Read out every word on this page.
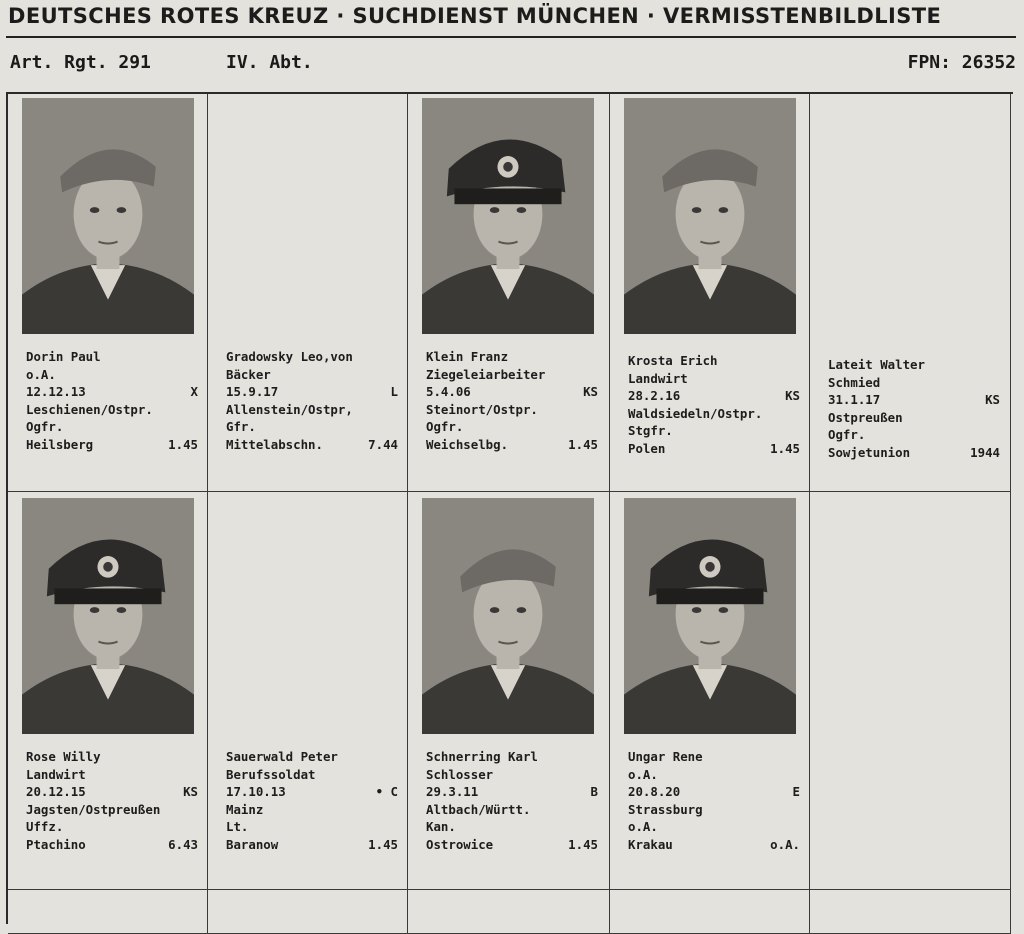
DEUTSCHES ROTES KREUZ · SUCHDIENST MÜNCHEN · VERMISSTENBILDLISTE
Art. Rgt. 291	IV. Abt.	FPN: 26352
Dorin Paul
o.A.
12.12.13	X
Leschienen/Ostpr.
Ogfr.
Heilsberg	1.45
Gradowsky Leo,von
Bäcker
15.9.17	L
Allenstein/Ostpr,
Gfr.
Mittelabschn.	7.44
Klein Franz
Ziegeleiarbeiter
5.4.06	KS
Steinort/Ostpr.
Ogfr.
Weichselbg.	1.45
Krosta Erich
Landwirt
28.2.16	KS
Waldsiedeln/Ostpr.
Stgfr.
Polen	1.45
Lateit Walter
Schmied
31.1.17	KS
Ostpreußen
Ogfr.
Sowjetunion	1944
Rose Willy
Landwirt
20.12.15	KS
Jagsten/Ostpreußen
Uffz.
Ptachino	6.43
Sauerwald Peter
Berufssoldat
17.10.13	• C
Mainz
Lt.
Baranow	1.45
Schnerring Karl
Schlosser
29.3.11	B
Altbach/Württ.
Kan.
Ostrowice	1.45
Ungar Rene
o.A.
20.8.20	E
Strassburg
o.A.
Krakau	o.A.
